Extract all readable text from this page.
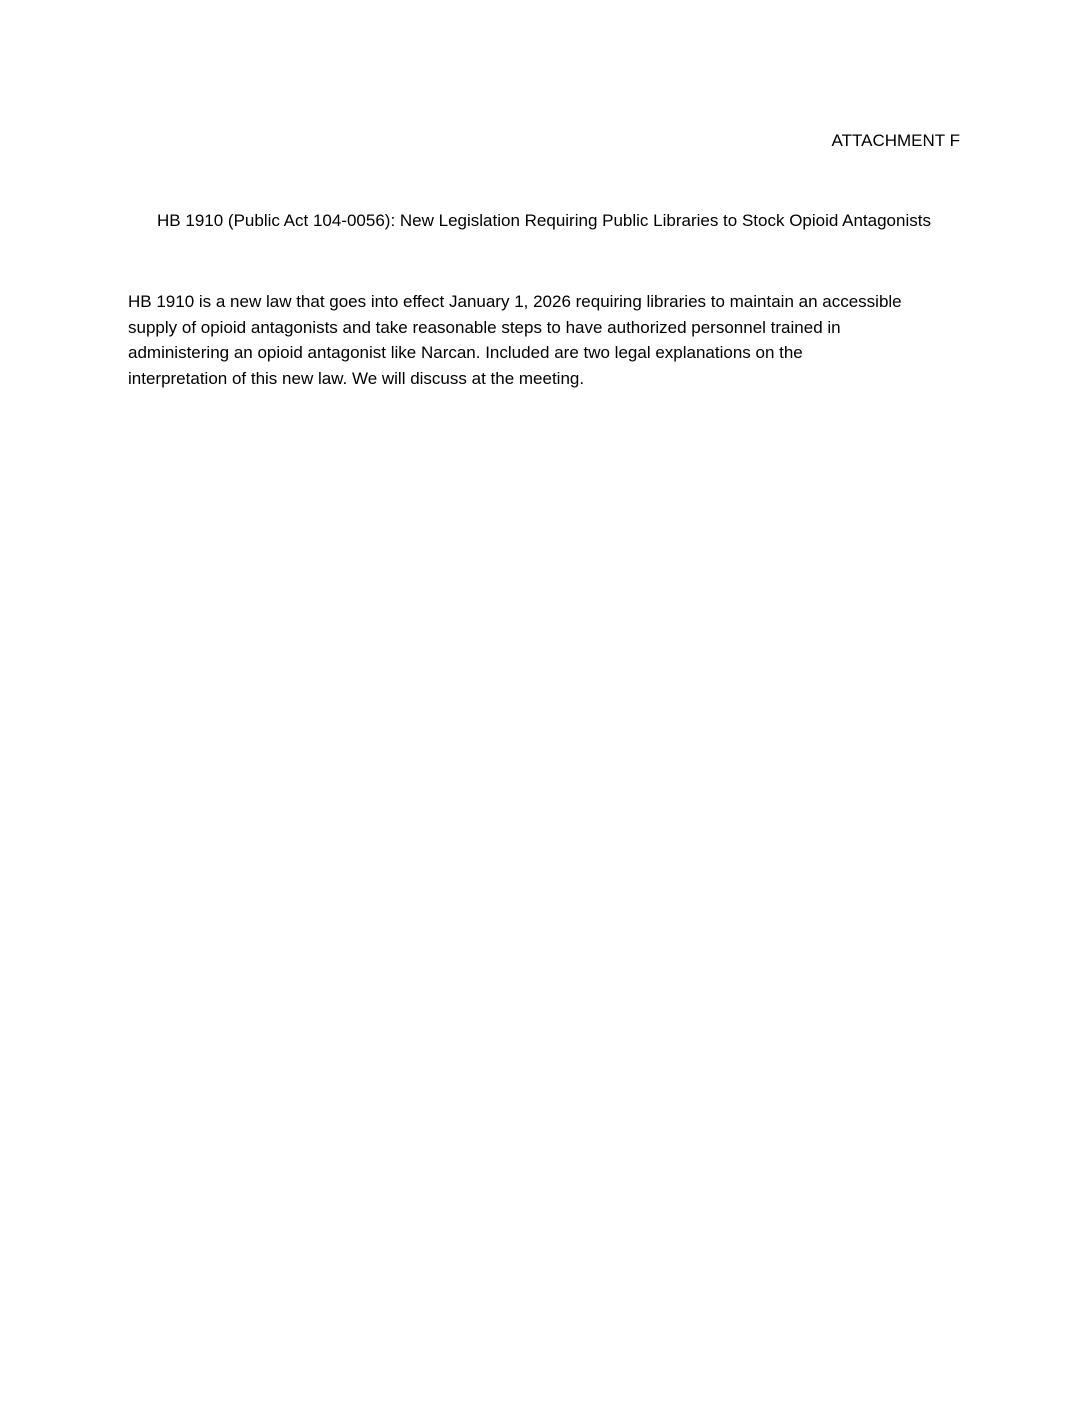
ATTACHMENT F
HB 1910 (Public Act 104-0056): New Legislation Requiring Public Libraries to Stock Opioid Antagonists
HB 1910 is a new law that goes into effect January 1, 2026 requiring libraries to maintain an accessible
supply of opioid antagonists and take reasonable steps to have authorized personnel trained in
administering an opioid antagonist like Narcan. Included are two legal explanations on the
interpretation of this new law. We will discuss at the meeting.
